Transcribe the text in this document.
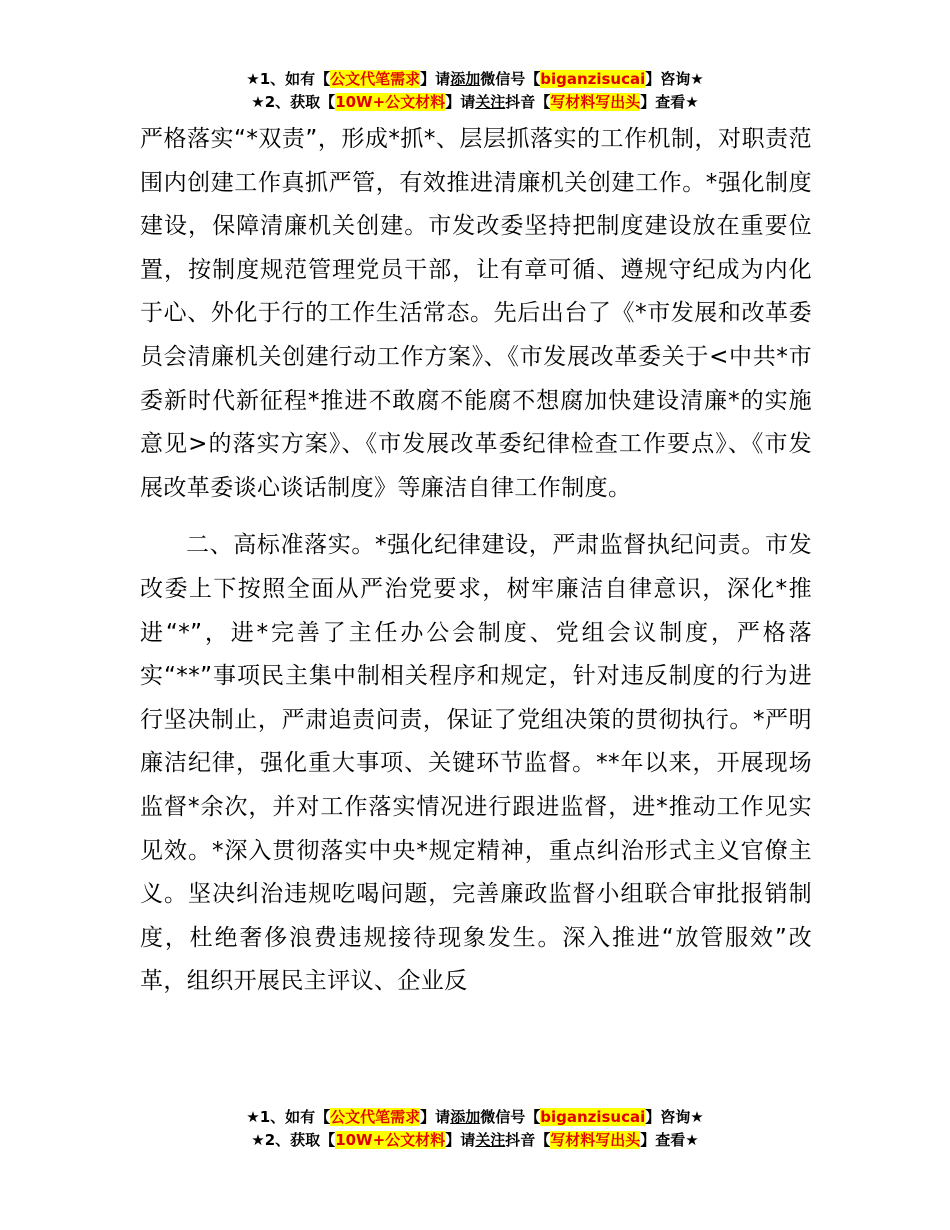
★1、如有【公文代笔需求】请添加微信号【biganzisucai】咨询★
★2、获取【10W+公文材料】请关注抖音【写材料写出头】查看★

严格落实“*双责”，形成*抓*、层层抓落实的工作机制，对职责范围内创建工作真抓严管，有效推进清廉机关创建工作。*强化制度建设，保障清廉机关创建。市发改委坚持把制度建设放在重要位置，按制度规范管理党员干部，让有章可循、遵规守纪成为内化于心、外化于行的工作生活常态。先后出台了《*市发展和改革委员会清廉机关创建行动工作方案》、《市发展改革委关于<中共*市委新时代新征程*推进不敢腐不能腐不想腐加快建设清廉*的实施意见>的落实方案》、《市发展改革委纪律检查工作要点》、《市发展改革委谈心谈话制度》等廉洁自律工作制度。

二、高标准落实。*强化纪律建设，严肃监督执纪问责。市发改委上下按照全面从严治党要求，树牢廉洁自律意识，深化*推进“*”，进*完善了主任办公会制度、党组会议制度，严格落实“**”事项民主集中制相关程序和规定，针对违反制度的行为进行坚决制止，严肃追责问责，保证了党组决策的贯彻执行。*严明廉洁纪律，强化重大事项、关键环节监督。**年以来，开展现场监督*余次，并对工作落实情况进行跟进监督，进*推动工作见实见效。*深入贯彻落实中央*规定精神，重点纠治形式主义官僚主义。坚决纠治违规吃喝问题，完善廉政监督小组联合审批报销制度，杜绝奢侈浪费违规接待现象发生。深入推进“放管服效”改革，组织开展民主评议、企业反

★1、如有【公文代笔需求】请添加微信号【biganzisucai】咨询★
★2、获取【10W+公文材料】请关注抖音【写材料写出头】查看★
